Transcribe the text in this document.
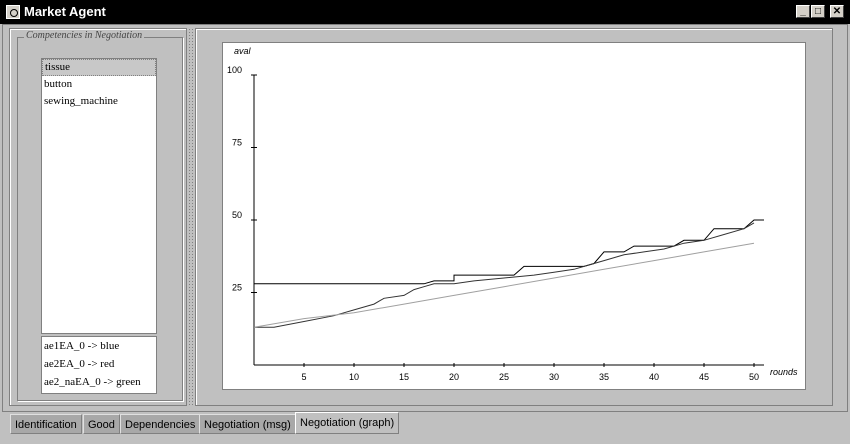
Market Agent	_ □	✕
Competencies in Negotiation
tissue
button
sewing_machine
ae1EA_0 -> blue
ae2EA_0 -> red
ae2_naEA_0 -> green
25
50
75
100
5	10	15	20	25	30	35	40	45	50 rounds
aval
Identification	Good Dependencies Negotiation (msg) Negotiation (graph)
